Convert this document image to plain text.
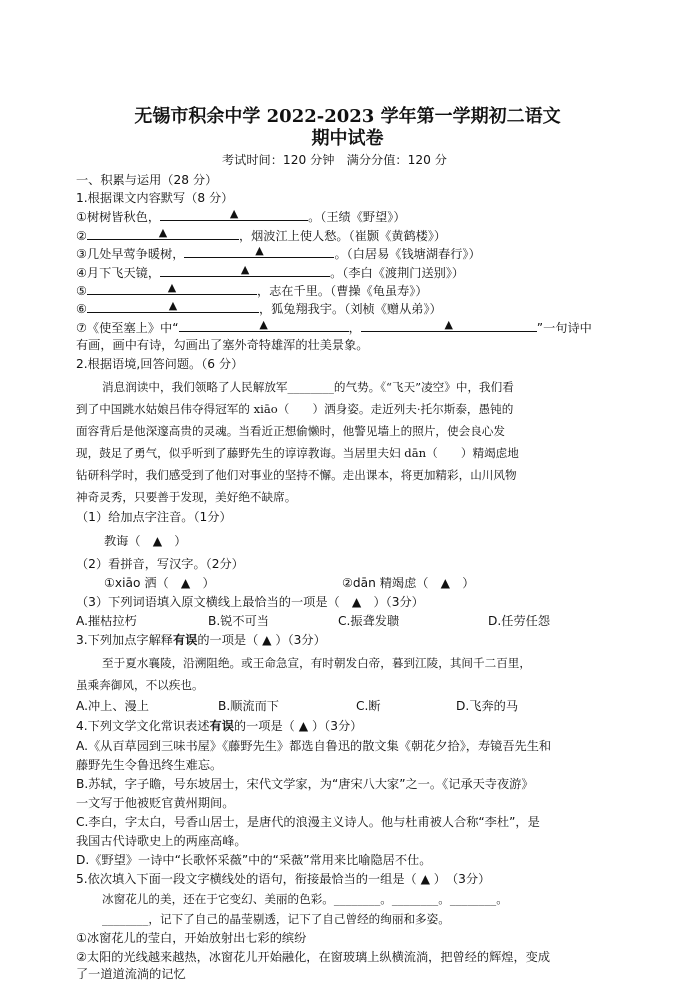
无锡市积余中学 2022-2023 学年第一学期初二语文
期中试卷
考试时间：120 分钟　满分分值：120 分
一、积累与运用（28 分）
1.根据课文内容默写（8 分）
①树树皆秋色，	▲	。（王绩《野望》）
②	▲	，烟波江上使人愁。（崔颢《黄鹤楼》）
③几处早莺争暖树，	▲	。（白居易《钱塘湖春行》）
④月下飞天镜，	▲	。（李白《渡荆门送别》）
⑤	▲	，志在千里。（曹操《龟虽寿》）
⑥	▲	，狐兔翔我宇。（刘桢《赠从弟》）
⑦《使至塞上》中“	▲	，	▲	”一句诗中
有画，画中有诗，勾画出了塞外奇特雄浑的壮美景象。
2.根据语境,回答问题。（6 分）
消息润读中，我们领略了人民解放军________的气势。《“飞天”凌空》中，我们看
到了中国跳水姑娘吕伟夺得冠军的 xiāo（　　）洒身姿。走近列夫·托尔斯泰，愚钝的
面容背后是他深邃高贵的灵魂。当看近正想偷懒时，他警见墙上的照片，使会良心发
现，鼓足了勇气，似乎听到了藤野先生的谆谆教诲。当居里夫妇 dān（　　）精竭虑地
钻研科学时，我们感受到了他们对事业的坚持不懈。走出课本，将更加精彩，山川风物
神奇灵秀，只要善于发现，美好绝不缺席。
（1）给加点字注音。（1分）
教诲（　▲　）
（2）看拼音，写汉字。（2分）
①xiāo 洒（　▲　）	②dān 精竭虑（　▲　）
（3）下列词语填入原文横线上最恰当的一项是（　▲　）（3分）
A.摧枯拉朽	B.锐不可当	C.振聋发聩	D.任劳任怨
3.下列加点字解释有误的一项是（ ▲ ）（3分）
至于夏水襄陵，沿溯阻绝。或王命急宣，有时朝发白帝，暮到江陵，其间千二百里，
虽乘奔御风，不以疾也。
A.冲上、漫上	B.顺流而下	C.断	D.飞奔的马
4.下列文学文化常识表述有误的一项是（ ▲ ）（3分）
A.《从百草园到三味书屋》《藤野先生》都选自鲁迅的散文集《朝花夕拾》，寿镜吾先生和
藤野先生令鲁迅终生难忘。
B.苏轼，字子瞻，号东坡居士，宋代文学家，为“唐宋八大家”之一。《记承天寺夜游》
一文写于他被贬官黄州期间。
C.李白，字太白，号香山居士，是唐代的浪漫主义诗人。他与杜甫被人合称“李杜”，是
我国古代诗歌史上的两座高峰。
D.《野望》一诗中“长歌怀采薇”中的“采薇”常用来比喻隐居不仕。
5.依次填入下面一段文字横线处的语句，衔接最恰当的一组是（ ▲ ）　（3分）
冰窗花儿的美，还在于它变幻、美丽的色彩。________。________。________。
________，记下了自己的晶莹剔透，记下了自己曾经的绚丽和多姿。
①冰窗花儿的莹白，开始放射出七彩的缤纷
②太阳的光线越来越热，冰窗花儿开始融化，在窗玻璃上纵横流淌，把曾经的辉煌，变成
了一道道流淌的记忆
